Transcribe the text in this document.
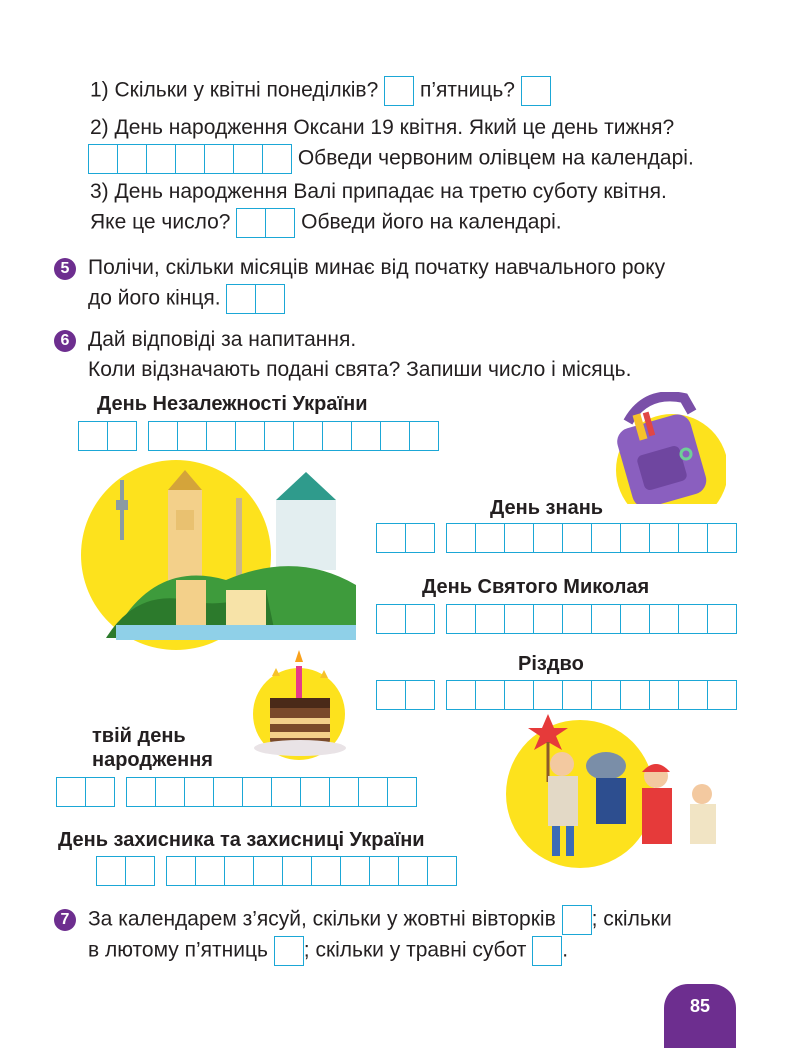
1) Скільки у квітні понеділків? п’ятниць?
2) День народження Оксани 19 квітня. Який це день тижня?
Обведи червоним олівцем на календарі.
3) День народження Валі припадає на третю суботу квітня.
Яке це число?	Обведи його на календарі.
5 Полічи, скільки місяців минає від початку навчального року
до його кінця.
6 Дай відповіді за напитання.
Коли відзначають подані свята? Запиши число і місяць.
День Незалежності України
День знань
День Святого Миколая
Різдво
твій день
народження
День захисника та захисниці України
7 За календарем з’ясуй, скільки у жовтні вівторків ; скільки
в лютому п’ятниць ; скільки у травні субот .
85
